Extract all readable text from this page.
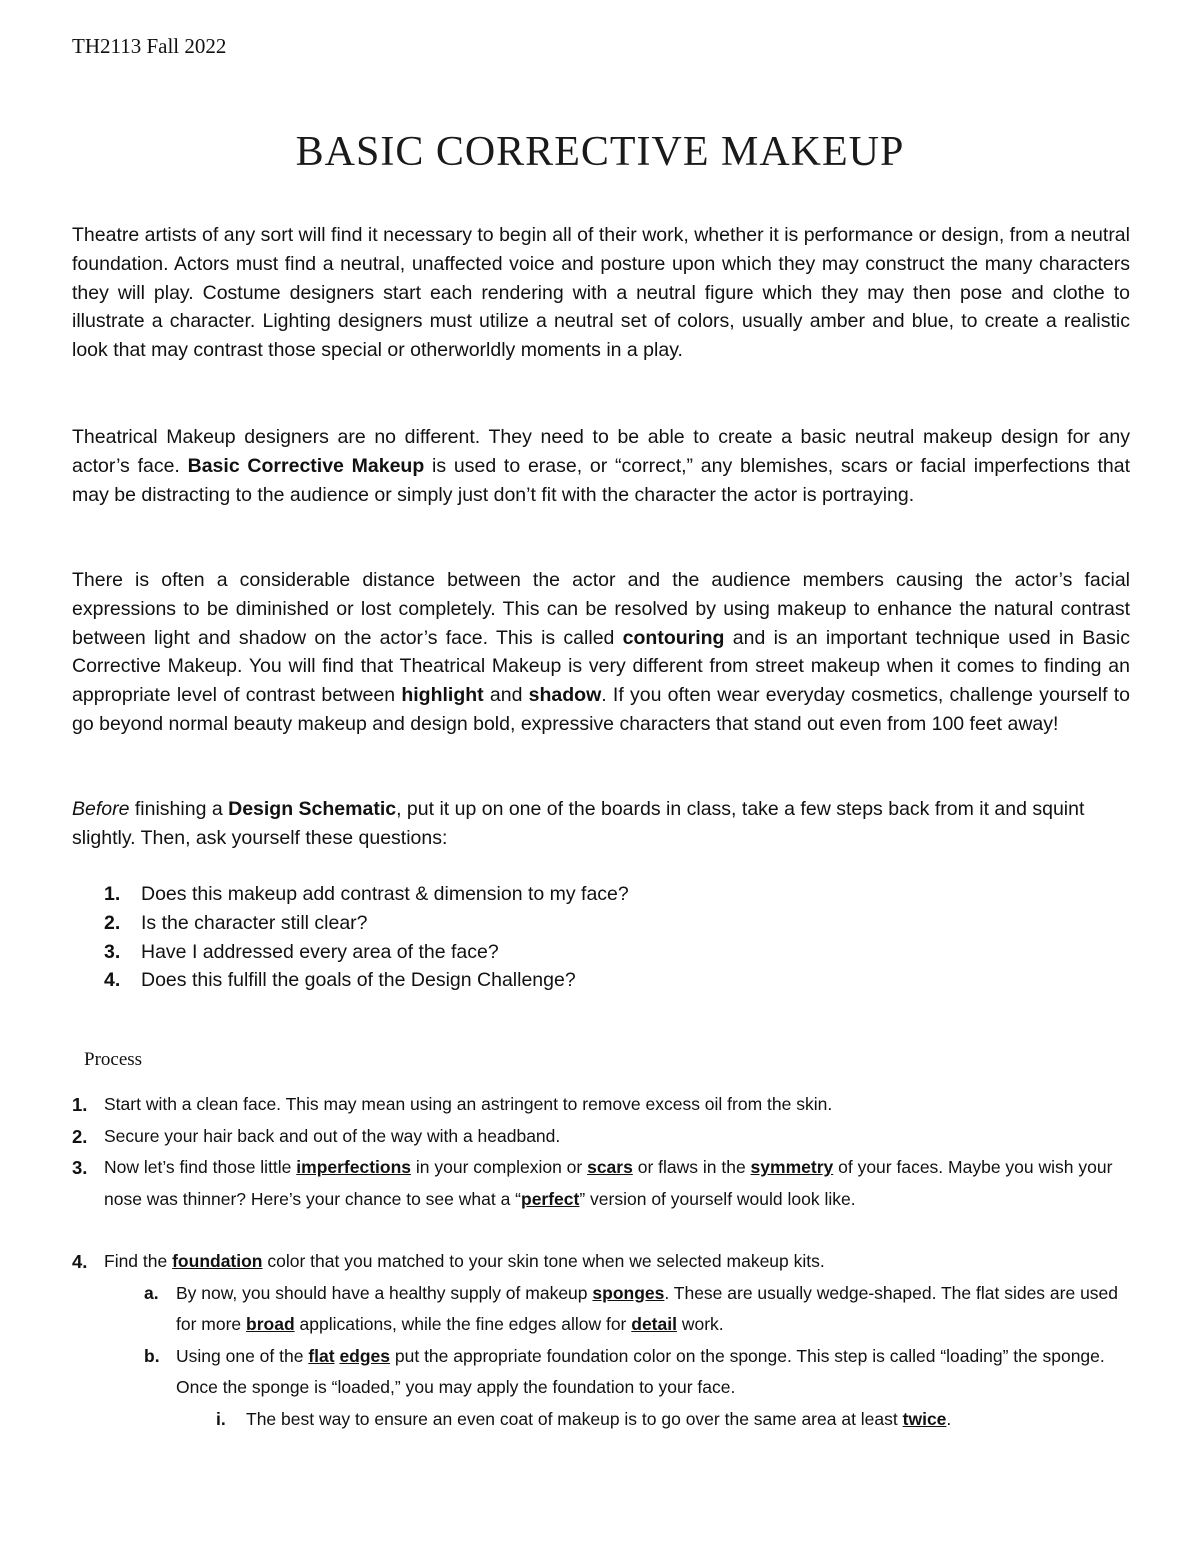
TH2113 Fall 2022
BASIC CORRECTIVE MAKEUP

Theatre artists of any sort will find it necessary to begin all of their work, whether it is performance or design, from a neutral foundation. Actors must find a neutral, unaffected voice and posture upon which they may construct the many characters they will play. Costume designers start each rendering with a neutral figure which they may then pose and clothe to illustrate a character. Lighting designers must utilize a neutral set of colors, usually amber and blue, to create a realistic look that may contrast those special or otherworldly moments in a play.

Theatrical Makeup designers are no different. They need to be able to create a basic neutral makeup design for any actor’s face. Basic Corrective Makeup is used to erase, or “correct,” any blemishes, scars or facial imperfections that may be distracting to the audience or simply just don’t fit with the character the actor is portraying.

There is often a considerable distance between the actor and the audience members causing the actor’s facial expressions to be diminished or lost completely. This can be resolved by using makeup to enhance the natural contrast between light and shadow on the actor’s face. This is called contouring and is an important technique used in Basic Corrective Makeup. You will find that Theatrical Makeup is very different from street makeup when it comes to finding an appropriate level of contrast between highlight and shadow. If you often wear everyday cosmetics, challenge yourself to go beyond normal beauty makeup and design bold, expressive characters that stand out even from 100 feet away!

Before finishing a Design Schematic, put it up on one of the boards in class, take a few steps back from it and squint slightly. Then, ask yourself these questions:

1.	Does this makeup add contrast & dimension to my face?
2.	Is the character still clear?
3.	Have I addressed every area of the face?
4.	Does this fulfill the goals of the Design Challenge?
Process
1. Start with a clean face. This may mean using an astringent to remove excess oil from the skin.
2. Secure your hair back and out of the way with a headband.
3. Now let’s find those little imperfections in your complexion or scars or flaws in the symmetry of your faces. Maybe you wish your nose was thinner? Here’s your chance to see what a “perfect” version of yourself would look like.
4. Find the foundation color that you matched to your skin tone when we selected makeup kits.
a. By now, you should have a healthy supply of makeup sponges. These are usually wedge-shaped. The flat sides are used for more broad applications, while the fine edges allow for detail work.
b. Using one of the flat edges put the appropriate foundation color on the sponge. This step is called “loading” the sponge. Once the sponge is “loaded,” you may apply the foundation to your face.
i.	The best way to ensure an even coat of makeup is to go over the same area at least twice.
